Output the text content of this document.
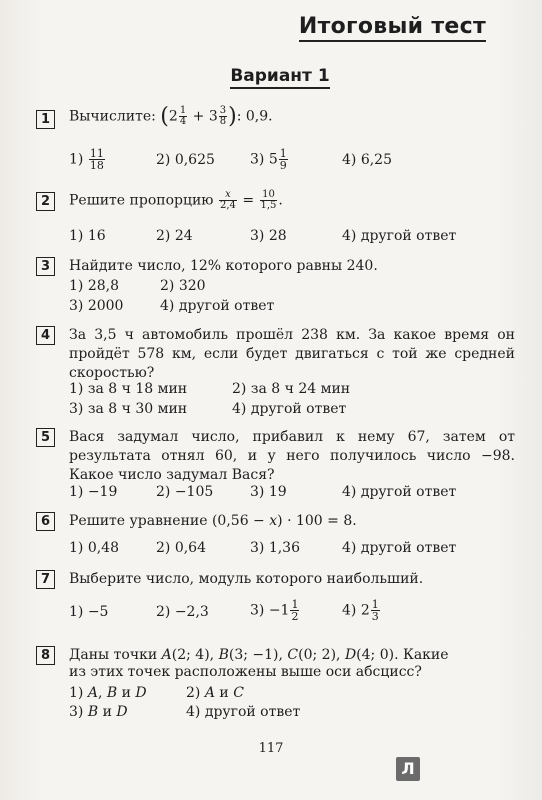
Итоговый тест
Вариант 1
1	Вычислите: ($2 \frac{1}{4} + 3 \frac{3}{8}$ ): 0,9.
$1) \frac{11}{18}$	2) 0,625	3) $5 \frac{1}{9}$	4) 6,25
2	Решите пропорцию $\frac{x}{2,4} = \frac{10}{1,5}$ .
1) 16	2) 24	3) 28	4) другой ответ
3	Найдите число, 12% которого равны 240.
1) 28,8	2) 320
3) 2000	4) другой ответ
4	За 3,5 ч автомобиль прошёл 238 км. За какое время он пройдёт 578 км, если будет двигаться с той же средней скоростью?
1) за 8 ч 18 мин	2) за 8 ч 24 мин
3) за 8 ч 30 мин	4) другой ответ
5	Вася задумал число, прибавил к нему 67, затем от результата отнял 60, и у него получилось число −98. Какое число задумал Вася?
1) −19	2) −105	3) 19	4) другой ответ
6	Решите уравнение (0,56 − x) · 100 = 8.
1) 0,48	2) 0,64	3) 1,36	4) другой ответ
7	Выберите число, модуль которого наибольший.
1) −5	2) −2,3	$3) -1 \frac{1}{2}$	4) $2 \frac{1}{3}$
8	Даны точки A(2; 4), B(3; −1), C(0; 2), D(4; 0). Какие
из этих точек расположены выше оси абсцисс?
1) A, B и D	2) A и C
3) B и D	4) другой ответ
117
Л
